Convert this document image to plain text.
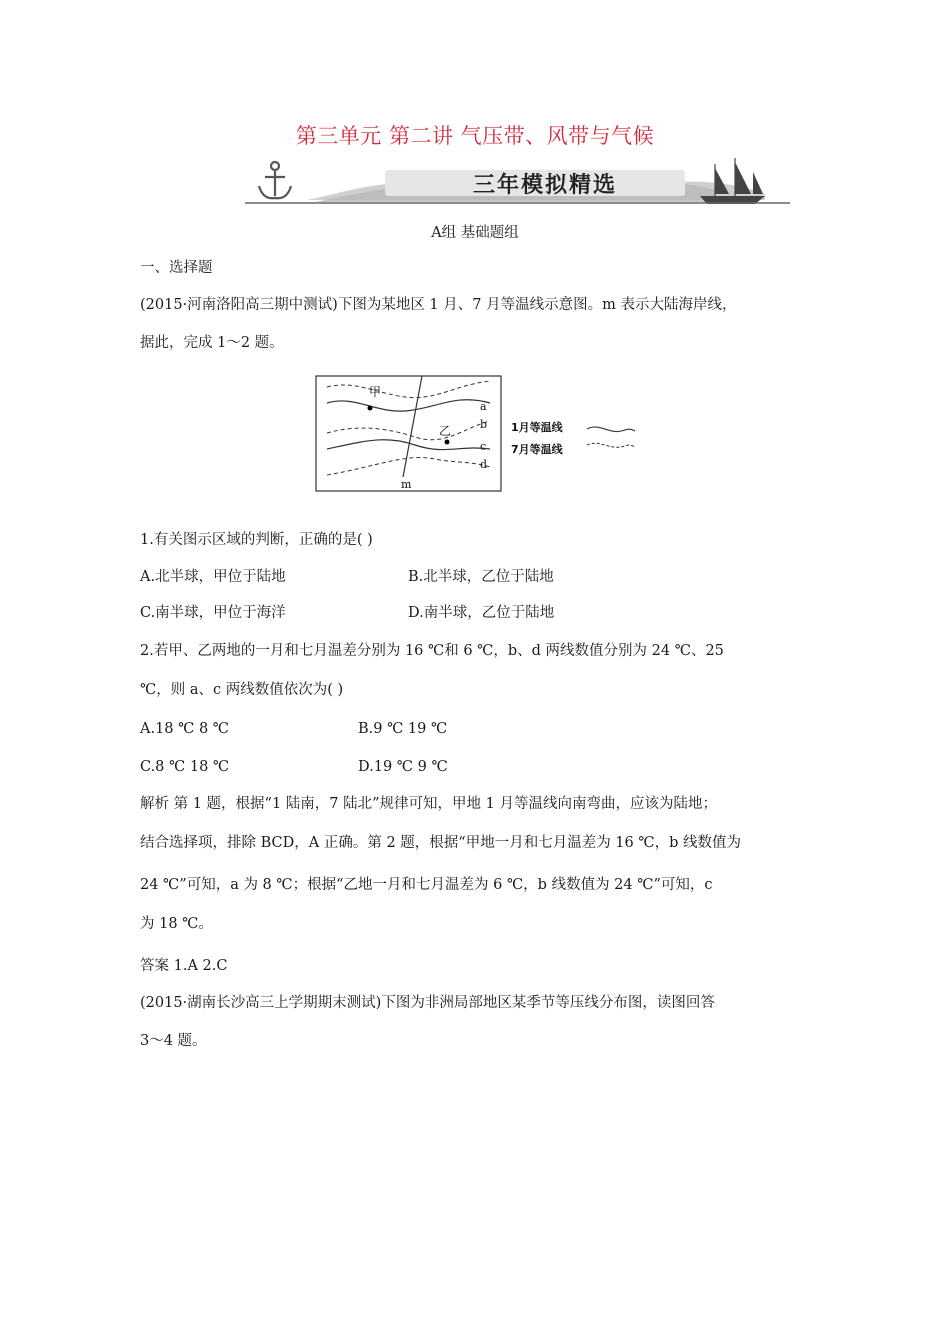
第三单元 第二讲 气压带、风带与气候
三年模拟精选
A组 基础题组
一、选择题
(2015·河南洛阳高三期中测试)下图为某地区 1 月、7 月等温线示意图。m 表示大陆海岸线，
据此，完成 1～2 题。
甲
乙
a
b
c
d
m
1月等温线
7月等温线
1.有关图示区域的判断，正确的是( )
A.北半球，甲位于陆地	B.北半球，乙位于陆地
C.南半球，甲位于海洋	D.南半球，乙位于陆地
2.若甲、乙两地的一月和七月温差分别为 16 ℃和 6 ℃，b、d 两线数值分别为 24 ℃、25
℃，则 a、c 两线数值依次为( )
A.18 ℃ 8 ℃	B.9 ℃ 19 ℃
C.8 ℃ 18 ℃	D.19 ℃ 9 ℃
解析 第 1 题，根据“1 陆南，7 陆北”规律可知，甲地 1 月等温线向南弯曲，应该为陆地；
结合选择项，排除 BCD，A 正确。第 2 题，根据“甲地一月和七月温差为 16 ℃，b 线数值为
24 ℃”可知，a 为 8 ℃；根据“乙地一月和七月温差为 6 ℃，b 线数值为 24 ℃”可知，c
为 18 ℃。
答案 1.A 2.C
(2015·湖南长沙高三上学期期末测试)下图为非洲局部地区某季节等压线分布图，读图回答
3～4 题。
